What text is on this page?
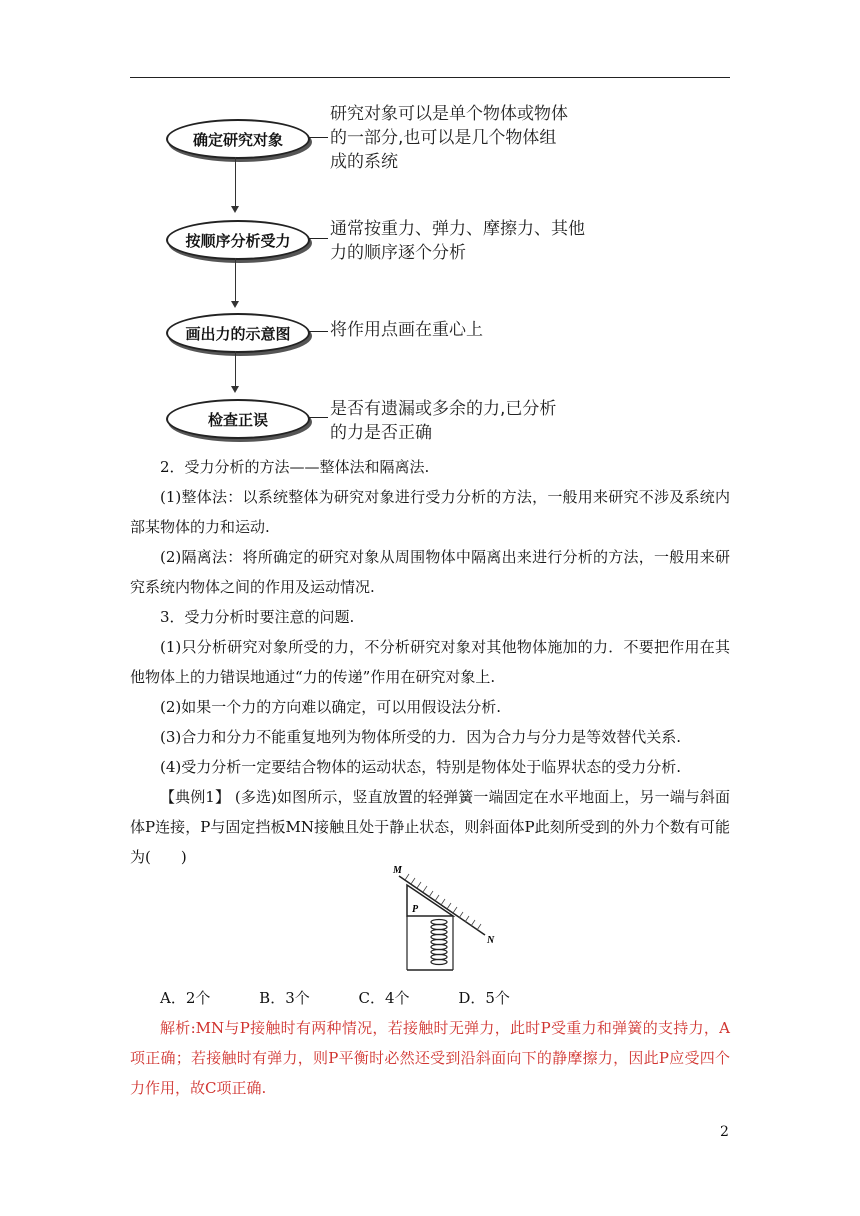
确定研究对象
研究对象可以是单个物体或物体
的一部分,也可以是几个物体组
成的系统
按顺序分析受力
通常按重力、弹力、摩擦力、其他
力的顺序逐个分析
画出力的示意图 将作用点画在重心上
检查正误
是否有遗漏或多余的力,已分析
的力是否正确
2．受力分析的方法——整体法和隔离法.
(1)整体法：以系统整体为研究对象进行受力分析的方法，一般用来研究不涉及系统内部某物体的力和运动.
(2)隔离法：将所确定的研究对象从周围物体中隔离出来进行分析的方法，一般用来研究系统内物体之间的作用及运动情况.
3．受力分析时要注意的问题.
(1)只分析研究对象所受的力，不分析研究对象对其他物体施加的力．不要把作用在其他物体上的力错误地通过“力的传递”作用在研究对象上.
(2)如果一个力的方向难以确定，可以用假设法分析.
(3)合力和分力不能重复地列为物体所受的力．因为合力与分力是等效替代关系.
(4)受力分析一定要结合物体的运动状态，特别是物体处于临界状态的受力分析.
【典例1】 (多选)如图所示，竖直放置的轻弹簧一端固定在水平地面上，另一端与斜面体P连接，P与固定挡板MN接触且处于静止状态，则斜面体P此刻所受到的外力个数有可能为(　　)
M
N
P
A．2个	B．3个	C．4个	D．5个
解析:MN与P接触时有两种情况，若接触时无弹力，此时P受重力和弹簧的支持力，A项正确；若接触时有弹力，则P平衡时必然还受到沿斜面向下的静摩擦力，因此P应受四个力作用，故C项正确.
2
